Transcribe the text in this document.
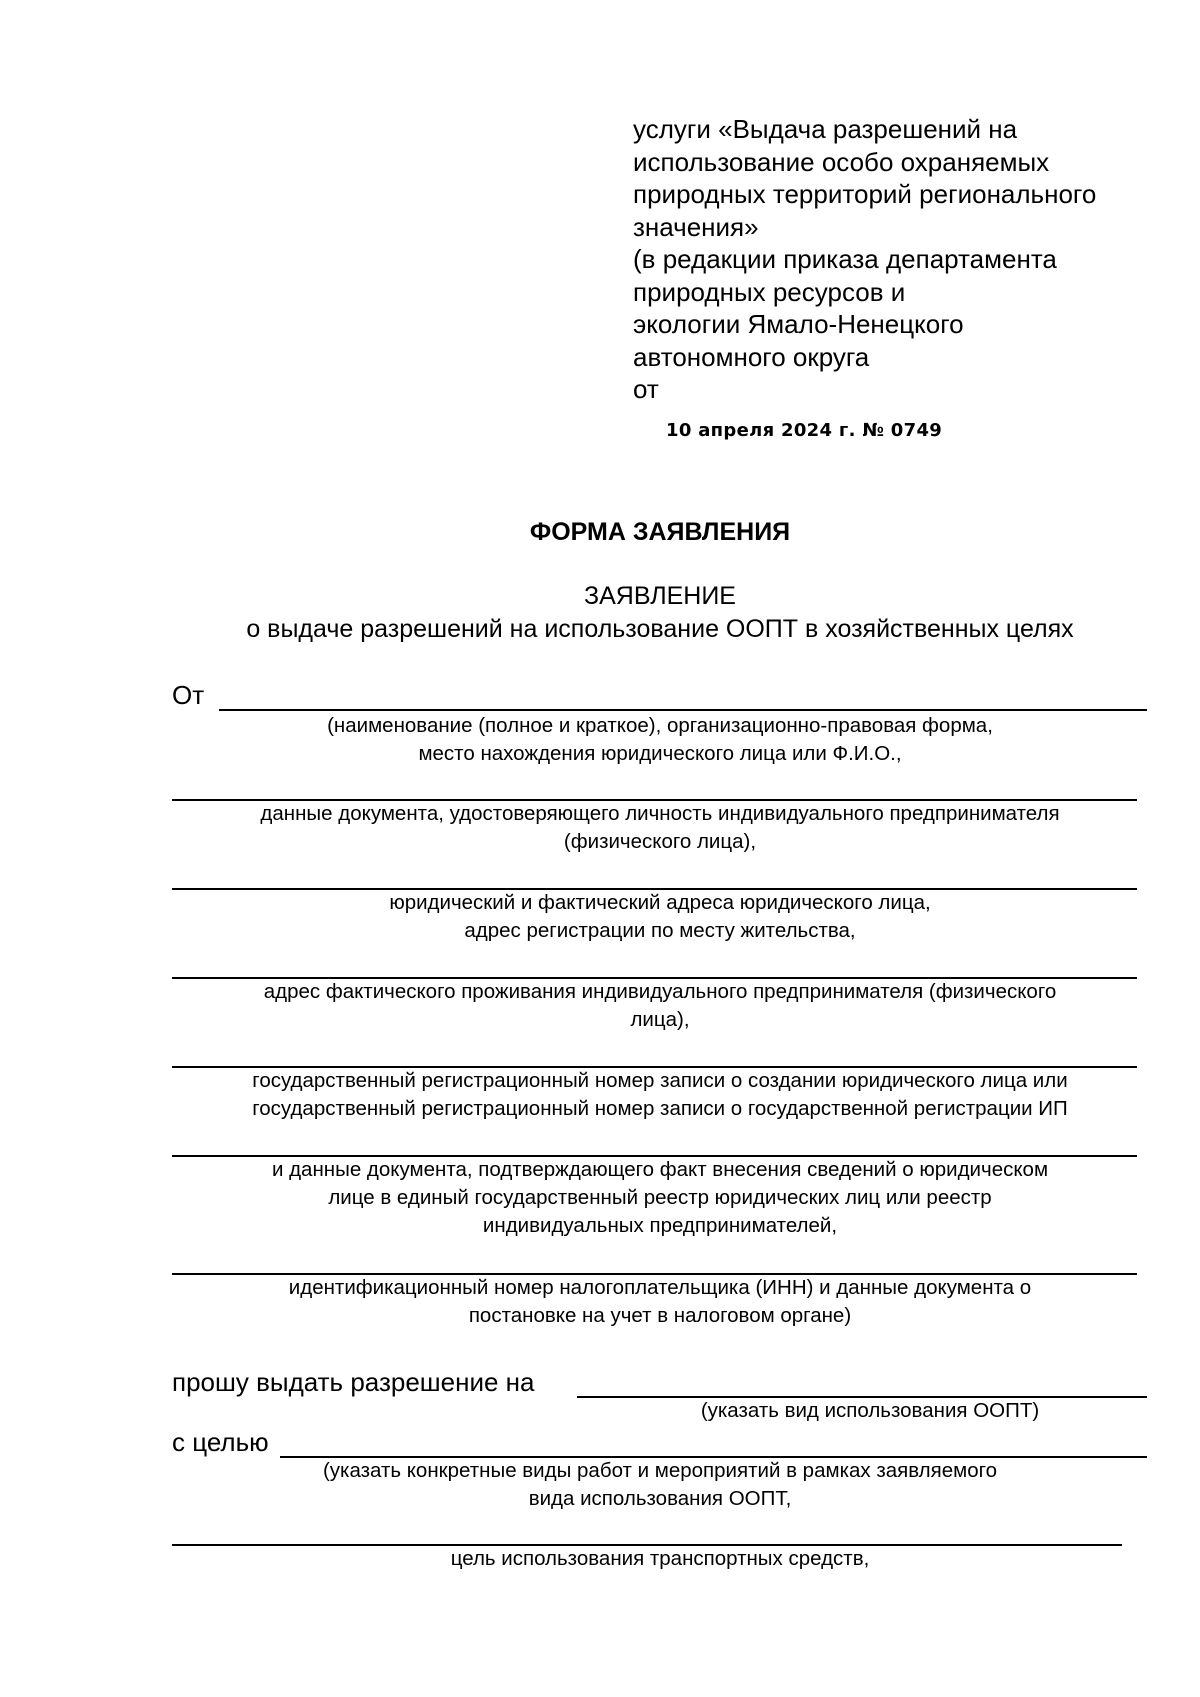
услуги «Выдача разрешений на
использование особо охраняемых
природных территорий регионального
значения»
(в редакции приказа департамента
природных ресурсов и
экологии Ямало-Ненецкого
автономного округа
от
10 апреля 2024 г. № 0749
ФОРМА ЗАЯВЛЕНИЯ
ЗАЯВЛЕНИЕ
о выдаче разрешений на использование ООПТ в хозяйственных целях
От
(наименование (полное и краткое), организационно-правовая форма,
место нахождения юридического лица или Ф.И.О.,
данные документа, удостоверяющего личность индивидуального предпринимателя
(физического лица),
юридический и фактический адреса юридического лица,
адрес регистрации по месту жительства,
адрес фактического проживания индивидуального предпринимателя (физического
лица),
государственный регистрационный номер записи о создании юридического лица или
государственный регистрационный номер записи о государственной регистрации ИП
и данные документа, подтверждающего факт внесения сведений о юридическом
лице в единый государственный реестр юридических лиц или реестр
индивидуальных предпринимателей,
идентификационный номер налогоплательщика (ИНН) и данные документа о
постановке на учет в налоговом органе)
прошу выдать разрешение на
(указать вид использования ООПТ)
с целью
(указать конкретные виды работ и мероприятий в рамках заявляемого
вида использования ООПТ,
цель использования транспортных средств,
